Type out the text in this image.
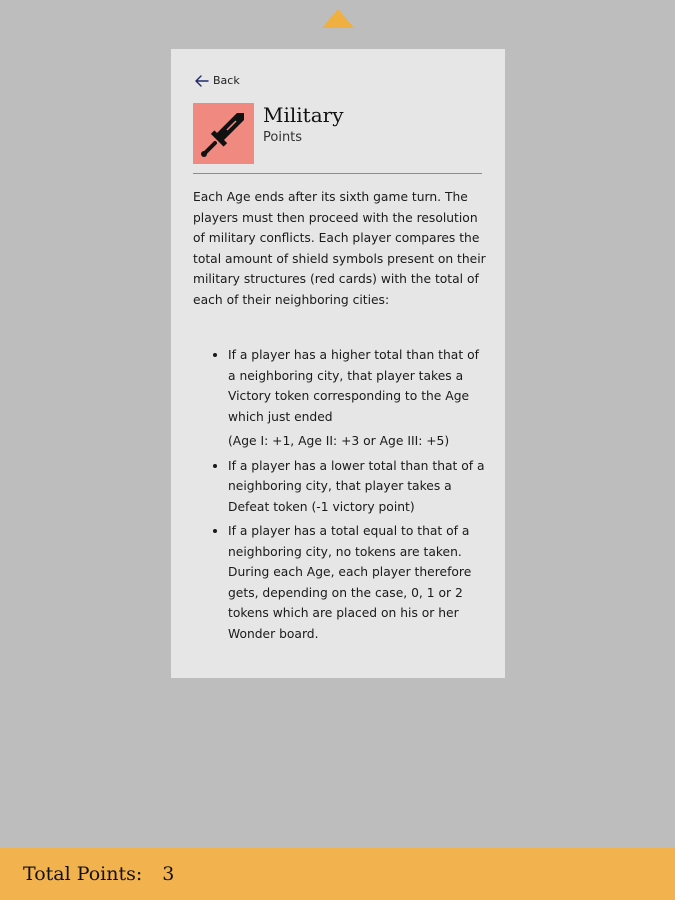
Back
Military
Points

Each Age ends after its sixth game turn. The players must then proceed with the resolution of military conflicts. Each player compares the total amount of shield symbols present on their military structures (red cards) with the total of each of their neighboring cities:

If a player has a higher total than that of a neighboring city, that player takes a Victory token corresponding to the Age which just ended
(Age I: +1, Age II: +3 or Age III: +5)
If a player has a lower total than that of a neighboring city, that player takes a Defeat token (-1 victory point)
If a player has a total equal to that of a neighboring city, no tokens are taken. During each Age, each player therefore gets, depending on the case, 0, 1 or 2 tokens which are placed on his or her Wonder board.
Total Points: 3
